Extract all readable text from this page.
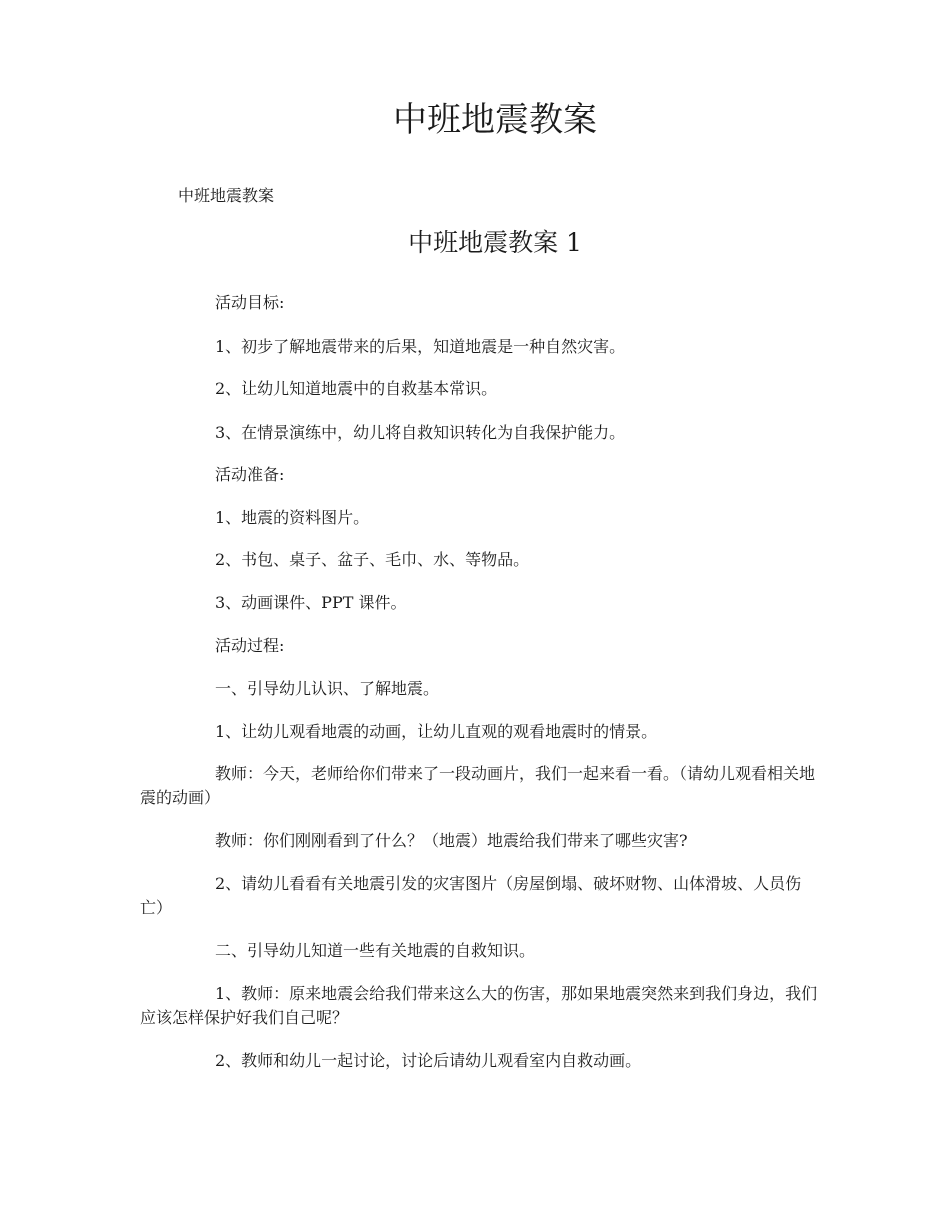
中班地震教案

中班地震教案

中班地震教案 1

活动目标:

1、初步了解地震带来的后果，知道地震是一种自然灾害。

2、让幼儿知道地震中的自救基本常识。

3、在情景演练中，幼儿将自救知识转化为自我保护能力。

活动准备:

1、地震的资料图片。

2、书包、桌子、盆子、毛巾、水、等物品。

3、动画课件、PPT 课件。

活动过程:

一、引导幼儿认识、了解地震。

1、让幼儿观看地震的动画，让幼儿直观的观看地震时的情景。

教师：今天，老师给你们带来了一段动画片，我们一起来看一看。（请幼儿观看相关地震的动画）

教师：你们刚刚看到了什么？（地震）地震给我们带来了哪些灾害?

2、请幼儿看看有关地震引发的灾害图片（房屋倒塌、破坏财物、山体滑坡、人员伤亡）

二、引导幼儿知道一些有关地震的自救知识。

1、教师：原来地震会给我们带来这么大的伤害，那如果地震突然来到我们身边，我们应该怎样保护好我们自己呢？

2、教师和幼儿一起讨论，讨论后请幼儿观看室内自救动画。
